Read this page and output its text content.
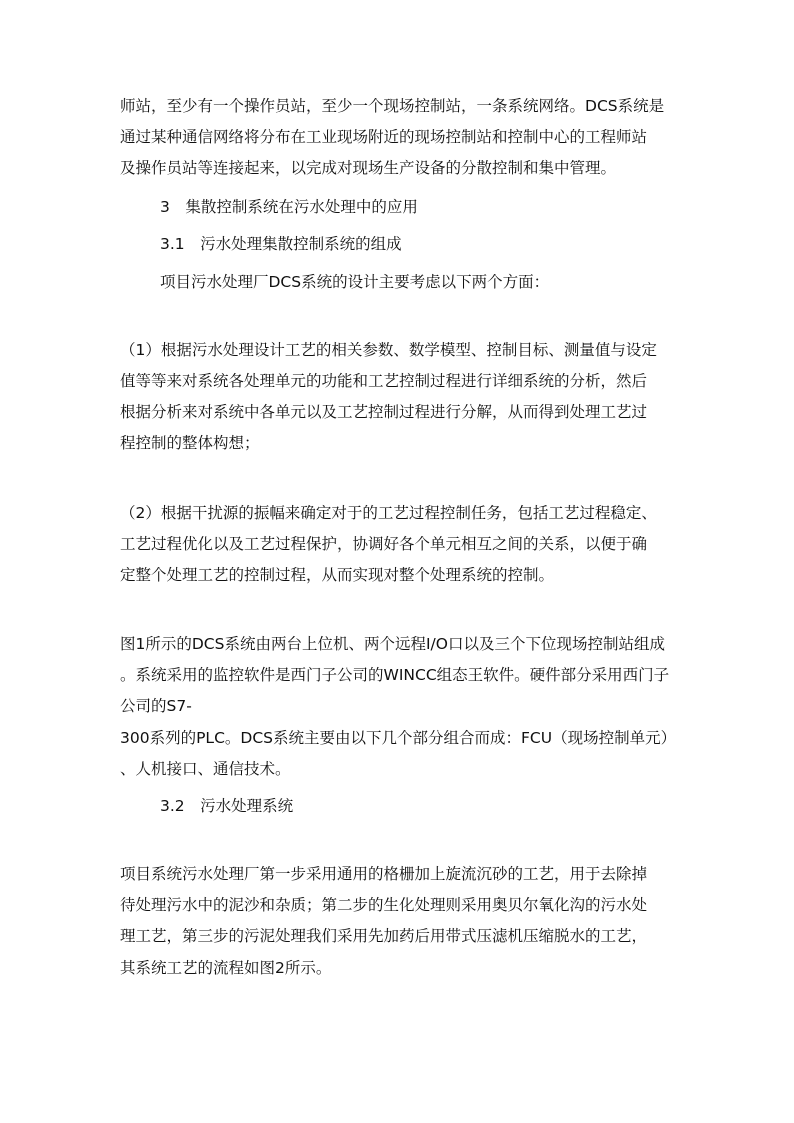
师站，至少有一个操作员站，至少一个现场控制站，一条系统网络。DCS系统是
通过某种通信网络将分布在工业现场附近的现场控制站和控制中心的工程师站
及操作员站等连接起来，以完成对现场生产设备的分散控制和集中管理。
3　集散控制系统在污水处理中的应用
3.1　污水处理集散控制系统的组成
项目污水处理厂DCS系统的设计主要考虑以下两个方面：
（1）根据污水处理设计工艺的相关参数、数学模型、控制目标、测量值与设定
值等等来对系统各处理单元的功能和工艺控制过程进行详细系统的分析，然后
根据分析来对系统中各单元以及工艺控制过程进行分解，从而得到处理工艺过
程控制的整体构想；
（2）根据干扰源的振幅来确定对于的工艺过程控制任务，包括工艺过程稳定、
工艺过程优化以及工艺过程保护，协调好各个单元相互之间的关系，以便于确
定整个处理工艺的控制过程，从而实现对整个处理系统的控制。
图1所示的DCS系统由两台上位机、两个远程I/O口以及三个下位现场控制站组成
。系统采用的监控软件是西门子公司的WINCC组态王软件。硬件部分采用西门子
公司的S7-
300系列的PLC。DCS系统主要由以下几个部分组合而成：FCU（现场控制单元）
、人机接口、通信技术。
3.2　污水处理系统
项目系统污水处理厂第一步采用通用的格栅加上旋流沉砂的工艺，用于去除掉
待处理污水中的泥沙和杂质；第二步的生化处理则采用奥贝尔氧化沟的污水处
理工艺，第三步的污泥处理我们采用先加药后用带式压滤机压缩脱水的工艺，
其系统工艺的流程如图2所示。
